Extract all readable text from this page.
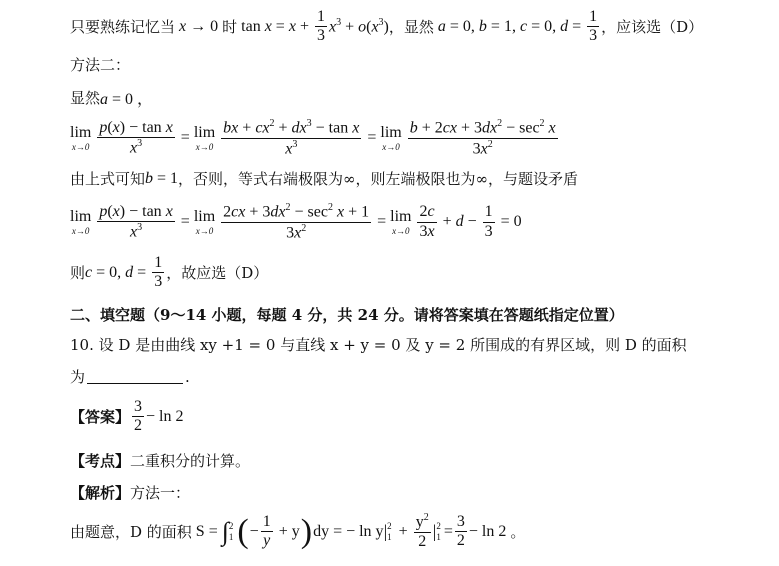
只要熟练记忆当 x → 0 时 $\tan x = x + \frac{1}{3} x^3 + o(x^3)$ ，显然 a = 0, b = 1, c = 0, $d = \frac{1}{3}$ ，应该选（D）
方法二：
显然 a = 0 ，
lim
$x\to 0 \frac{\text{p(x) − tan x}}{x^3} = \lim$
$x\to 0 \frac{bx + cx^2 + dx^3 - \tan x}{x^3} = \lim$
$x\to 0 \frac{b + 2cx + 3dx^2 - \sec^2 x}{3x^2}$
由上式可知 b = 1 ，否则，等式右端极限为∞，则左端极限也为∞，与题设矛盾
lim
$x\to 0 \frac{\text{p(x) − tan x}}{x^3} = \lim$
$x\to 0 \frac{2cx + 3dx^2 - \sec^2 x + 1}{3x^2} = \lim$
$x\to 0 \frac{2c}{3x} + d - \frac{1}{3} = 0$
则 c = 0, $d = \frac{1}{3}$ ，故应选（D）
二、填空题（9～14 小题，每题 4 分，共 24 分。请将答案填在答题纸指定位置）
10.
设 D 是由曲线 xy +1 = 0 与直线 x + y = 0 及 y = 2 所围成的有界区域，则 D 的面积
为	.
【答案】 $\frac{3}{2} - \ln 2$
【考点】 二重积分的计算。
【解析】 方法一：
由题意，D 的面积 S = ∫ 2
1 ( − $\frac{1}{y} + y$ ) dy = − ln y | 2
$1 + \frac{y^2}{2}$ | 2
$1 = \frac{3}{2} - \ln 2$ 。
